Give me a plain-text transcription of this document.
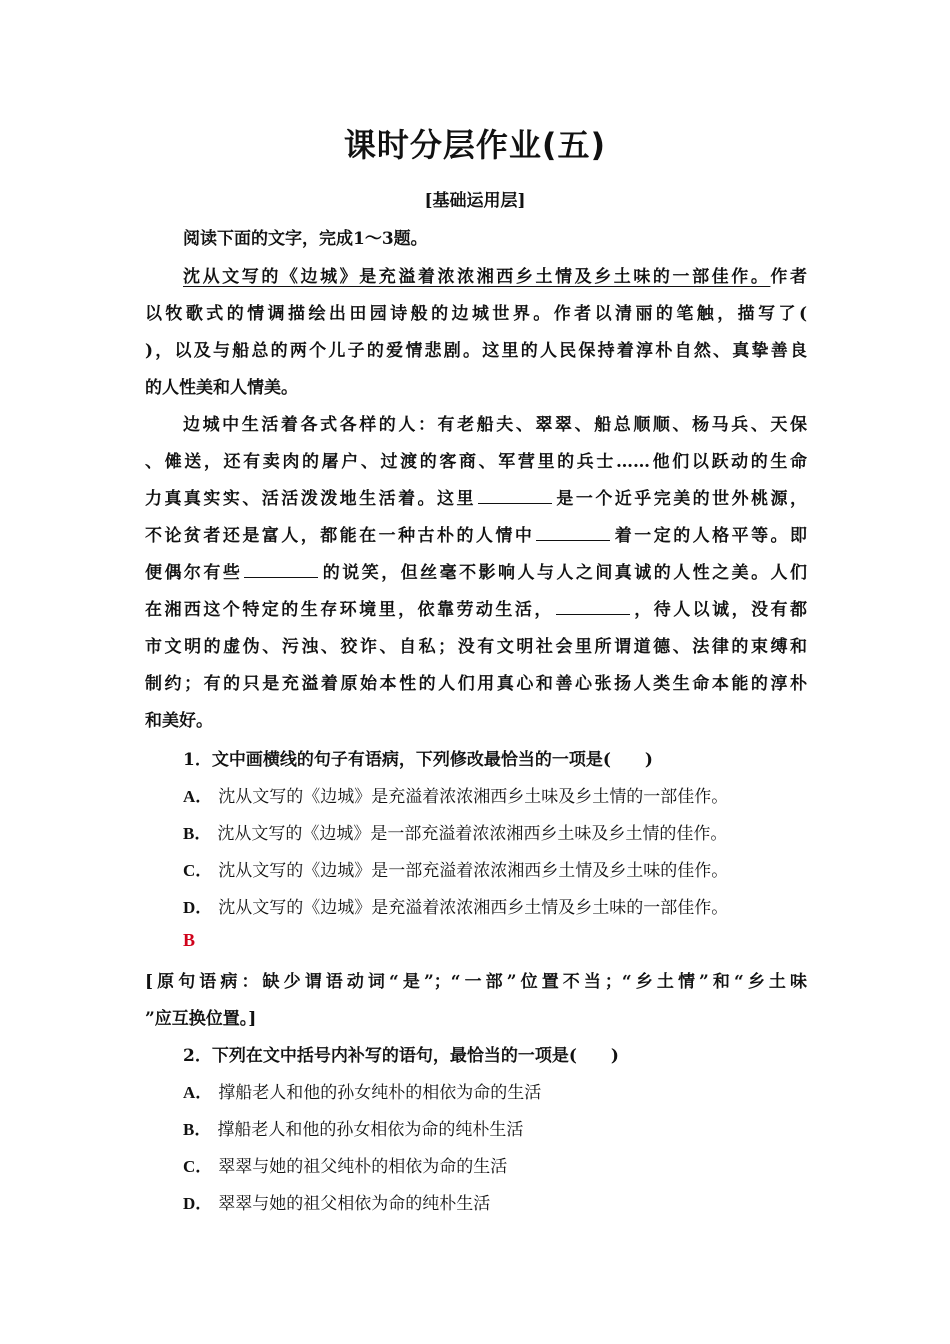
课时分层作业(五)
[基础运用层]
阅读下面的文字，完成1～3题。
沈从文写的《边城》是充溢着浓浓湘西乡土情及乡土味的一部佳作。作者
以牧歌式的情调描绘出田园诗般的边城世界。作者以清丽的笔触，描写了(
)，以及与船总的两个儿子的爱情悲剧。这里的人民保持着淳朴自然、真挚善良
的人性美和人情美。
边城中生活着各式各样的人：有老船夫、翠翠、船总顺顺、杨马兵、天保
、傩送，还有卖肉的屠户、过渡的客商、军营里的兵士……他们以跃动的生命
力真真实实、活活泼泼地生活着。这里	是一个近乎完美的世外桃源，
不论贫者还是富人，都能在一种古朴的人情中	着一定的人格平等。即
便偶尔有些	的说笑，但丝毫不影响人与人之间真诚的人性之美。人们
在湘西这个特定的生存环境里，依靠劳动生活，	，待人以诚，没有都
市文明的虚伪、污浊、狡诈、自私；没有文明社会里所谓道德、法律的束缚和
制约；有的只是充溢着原始本性的人们用真心和善心张扬人类生命本能的淳朴
和美好。
1．文中画横线的句子有语病，下列修改最恰当的一项是(　　)
A． 沈从文写的《边城》是充溢着浓浓湘西乡土味及乡土情的一部佳作。
B． 沈从文写的《边城》是一部充溢着浓浓湘西乡土味及乡土情的佳作。
C． 沈从文写的《边城》是一部充溢着浓浓湘西乡土情及乡土味的佳作。
D． 沈从文写的《边城》是充溢着浓浓湘西乡土情及乡土味的一部佳作。
B
[原句语病：缺少谓语动词“是”；“一部”位置不当；“乡土情”和“乡土味
”应互换位置。]
2．下列在文中括号内补写的语句，最恰当的一项是(　　)
A． 撑船老人和他的孙女纯朴的相依为命的生活
B． 撑船老人和他的孙女相依为命的纯朴生活
C． 翠翠与她的祖父纯朴的相依为命的生活
D． 翠翠与她的祖父相依为命的纯朴生活
